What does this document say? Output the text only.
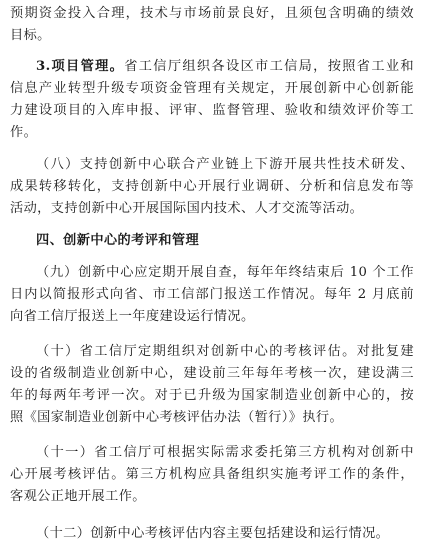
预期资金投入合理，技术与市场前景良好，且须包含明确的绩效
目标。
3.项目管理。省工信厅组织各设区市工信局，按照省工业和
信息产业转型升级专项资金管理有关规定，开展创新中心创新能
力建设项目的入库申报、评审、监督管理、验收和绩效评价等工
作。
（八）支持创新中心联合产业链上下游开展共性技术研发、
成果转移转化，支持创新中心开展行业调研、分析和信息发布等
活动，支持创新中心开展国际国内技术、人才交流等活动。
四、创新中心的考评和管理
（九）创新中心应定期开展自查，每年年终结束后 10 个工作
日内以简报形式向省、市工信部门报送工作情况。每年 2 月底前
向省工信厅报送上一年度建设运行情况。
（十）省工信厅定期组织对创新中心的考核评估。对批复建
设的省级制造业创新中心，建设前三年每年考核一次，建设满三
年的每两年考评一次。对于已升级为国家制造业创新中心的，按
照《国家制造业创新中心考核评估办法（暂行）》执行。
（十一）省工信厅可根据实际需求委托第三方机构对创新中
心开展考核评估。第三方机构应具备组织实施考评工作的条件，
客观公正地开展工作。
（十二）创新中心考核评估内容主要包括建设和运行情况。
